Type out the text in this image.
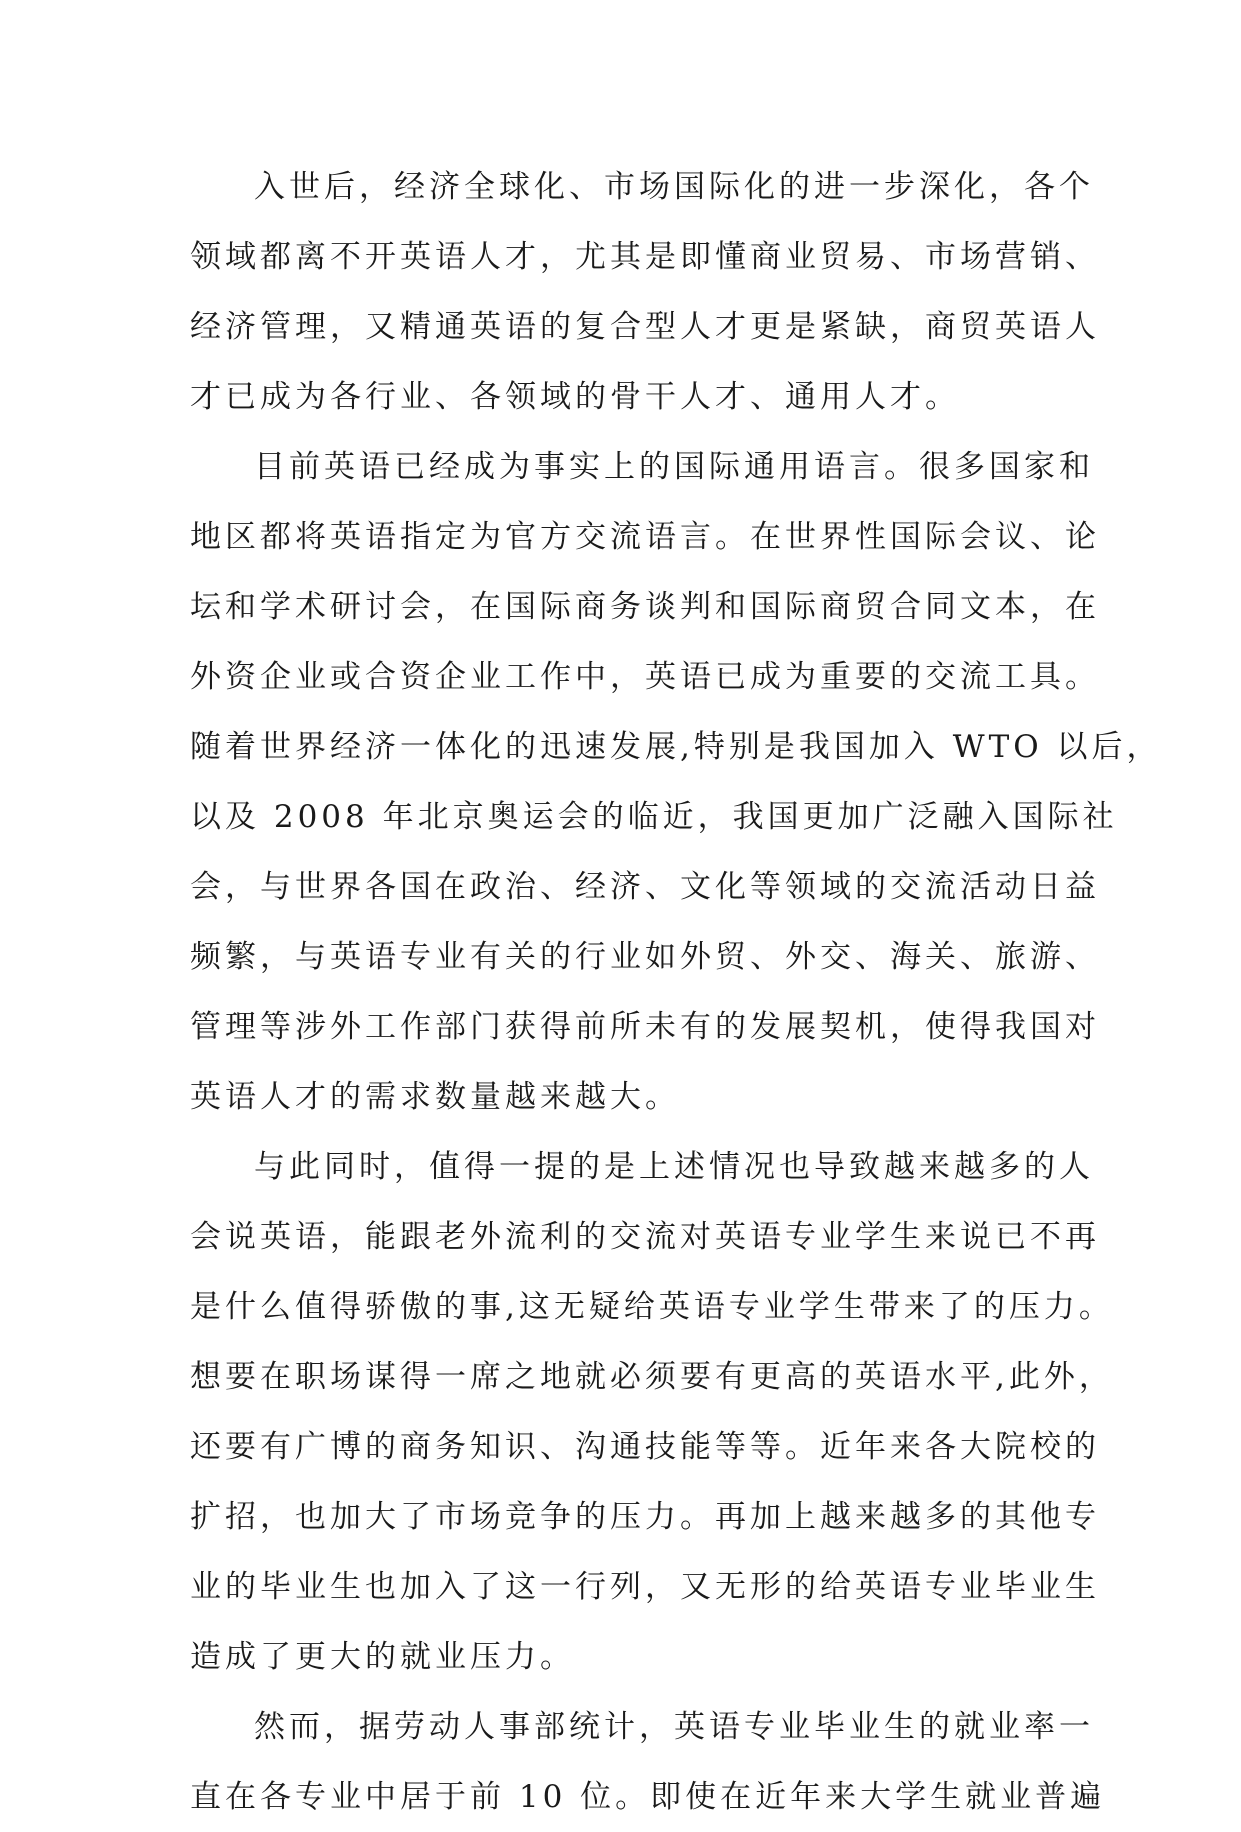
入世后，经济全球化、市场国际化的进一步深化，各个
领域都离不开英语人才，尤其是即懂商业贸易、市场营销、
经济管理，又精通英语的复合型人才更是紧缺，商贸英语人
才已成为各行业、各领域的骨干人才、通用人才。
目前英语已经成为事实上的国际通用语言。很多国家和
地区都将英语指定为官方交流语言。在世界性国际会议、论
坛和学术研讨会，在国际商务谈判和国际商贸合同文本，在
外资企业或合资企业工作中，英语已成为重要的交流工具。
随着世界经济一体化的迅速发展,特别是我国加入 WTO 以后，
以及 2008 年北京奥运会的临近，我国更加广泛融入国际社
会，与世界各国在政治、经济、文化等领域的交流活动日益
频繁，与英语专业有关的行业如外贸、外交、海关、旅游、
管理等涉外工作部门获得前所未有的发展契机，使得我国对
英语人才的需求数量越来越大。
与此同时，值得一提的是上述情况也导致越来越多的人
会说英语，能跟老外流利的交流对英语专业学生来说已不再
是什么值得骄傲的事,这无疑给英语专业学生带来了的压力。
想要在职场谋得一席之地就必须要有更高的英语水平,此外，
还要有广博的商务知识、沟通技能等等。近年来各大院校的
扩招，也加大了市场竞争的压力。再加上越来越多的其他专
业的毕业生也加入了这一行列，又无形的给英语专业毕业生
造成了更大的就业压力。
然而，据劳动人事部统计，英语专业毕业生的就业率一
直在各专业中居于前 10 位。即使在近年来大学生就业普遍
